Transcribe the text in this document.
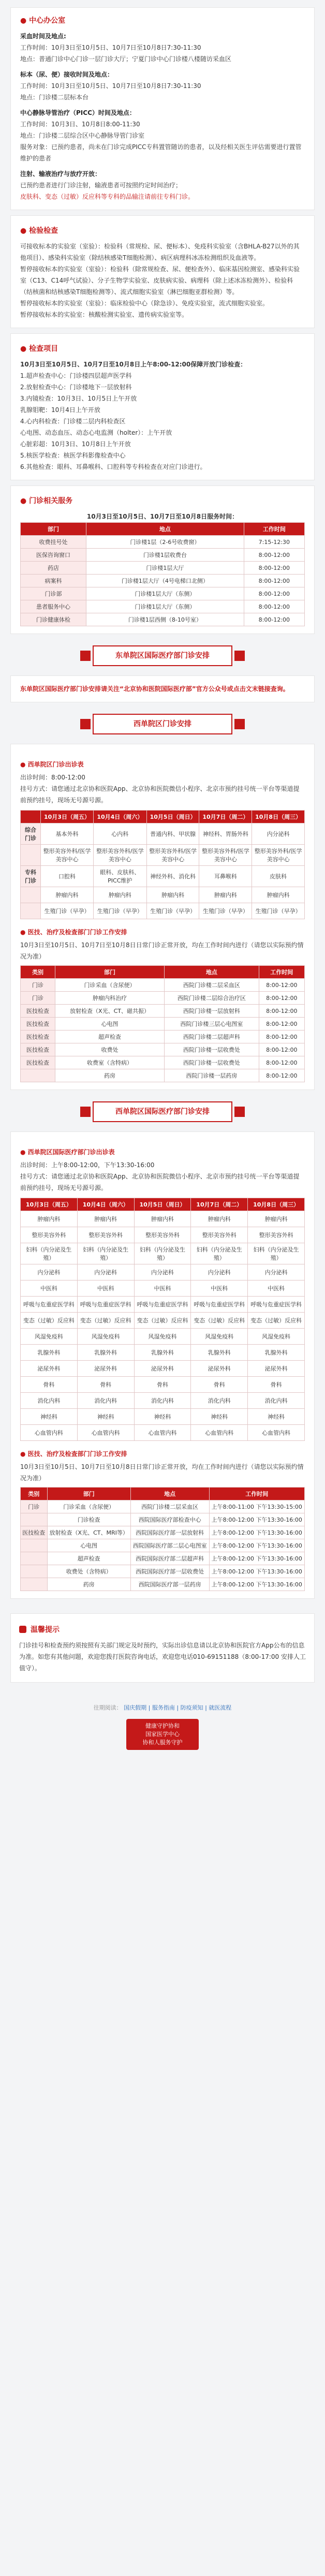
● 中心办公室
采血时间及地点:
工作时间：10月3日至10月5日、10月7日至10月8日7:30-11:30
地点：普通门诊中心门诊一层门诊大厅；宁夏门诊中心门诊楼八楼随访采血区
标本（尿、便）接收时间及地点：
工作时间：10月3日至10月5日、10月7日至10月8日7:30-11:30
地点：门诊楼二层标本台
中心静脉导管治疗（PICC）时间及地点：
工作时间：10月3日、10月8日8:00-11:30
地点：门诊楼二层综合区中心静脉导管门诊室
服务对象：已预约患者，尚未在门诊完成PICC专科置管随访的患者，以及经相关医生评估需要进行置管维护的患者
注射、输液治疗与放疗开放：
已预约患者进行门诊注射，输液患者可按照约定时间治疗；
皮肤科、变态（过敏）反应科等专科的品输注请前往专科门诊。
● 检验检查
可接收标本的实验室（室验）：检验科（常规检、尿、便标本）、免疫科实验室（含BHLA-B27以外的其他项目）、感染科实验室（除结核感染T细胞检测）、病区病理科冰冻检测组织及血液等。
暂停接收标本的实验室（室验）：检验科（除常规检查、尿、便检查外）、临床基因检测室、感染科实验室（C13、C14呼气试验）、分子生物学实验室、皮肤病实验、病理科（除上述冰冻检测外）、检验科（结核菌和结核感染T细胞检测等）、流式细胞实验室（淋巴细胞亚群检测）等。
暂停接收标本的实验室（室验）：临床检验中心（除急诊）、免疫实验室，流式细胞实验室。
暂停接收标本的实验室：核酸检测实验室、遗传病实验室等。
● 检查项目
10月3日至10月5日、10月7日至10月8日上午8:00-12:00保障开放门诊检查：
1.超声检查中心：门诊楼四层超声医学科
2.放射检查中心：门诊楼地下一层放射科
3.内镜检查：10月3日、10月5日上午开放
乳腺钼靶：10月4日上午开放
4.心内科检查：门诊楼二层内科检查区
心电图、动态血压、动态心电监测（holter）：上午开放
心脏彩超：10月3日、10月8日上午开放
5.核医学检查：核医学科影像检查中心
6.其他检查：眼科、耳鼻喉科、口腔科等专科检查在对应门诊进行。
● 门诊相关服务
10月3日至10月5日、10月7日至10月8日服务时间：
部门	地点	工作时间
收费挂号处	门诊楼1层（2-6号收费窗）	7:15-12:30
医保咨询窗口	门诊楼1层收费台	8:00-12:00
药店	门诊楼1层大厅	8:00-12:00
病案科	门诊楼1层大厅（4号电梯口北侧）	8:00-12:00
门诊部	门诊楼1层大厅（东侧）	8:00-12:00
患者服务中心	门诊楼1层大厅（东侧）	8:00-12:00
门诊健康体检	门诊楼1层西侧（8-10号室）	8:00-12:00
东单院区国际医疗部门诊安排
东单院区国际医疗部门诊安排请关注“北京协和医院国际医疗部”官方公众号或点击文末链接查询。
西单院区门诊安排
● 西单院区门诊出诊表
出诊时间：8:00-12:00
挂号方式：请您通过北京协和医院App、北京协和医院微信小程序、北京市预约挂号统一平台等渠道提前预约挂号，现场无号源号源。
	10月3日（周五）	10月4日（周六）	10月5日（周日）	10月7日（周二）	10月8日（周三）
综合门诊	基本外科	心内科	普通内科、甲状腺	神经科、胃肠外科	内分泌科
	整形美容外科/医学美容中心	整形美容外科/医学美容中心	整形美容外科/医学美容中心	整形美容外科/医学美容中心	整形美容外科/医学美容中心
专科门诊	口腔科	眼科、皮肤科、PICC维护	神经外科、消化科	耳鼻喉科	皮肤科
	肿瘤内科	肿瘤内科	肿瘤内科	肿瘤内科	肿瘤内科
	生殖门诊（早孕）	生殖门诊（早孕）	生殖门诊（早孕）	生殖门诊（早孕）	生殖门诊（早孕）
● 医技、治疗及检查部门门诊工作安排
10月3日至10月5日、10月7日至10月8日日常门诊正常开放，均在工作时间内进行（请您以实际预约情况为准）
类别	部门	地点	工作时间
门诊	门诊采血（含尿便）	西院门诊楼二层采血区	8:00-12:00
门诊	肿瘤内科治疗	西院门诊楼二层综合治疗区	8:00-12:00
医技检查	放射检查（X光、CT、磁共振）	西院门诊楼一层放射科	8:00-12:00
医技检查	心电图	西院门诊楼三层心电图室	8:00-12:00
医技检查	超声检查	西院门诊楼二层超声科	8:00-12:00
医技检查	收费处	西院门诊楼一层收费处	8:00-12:00
医技检查	收费室（含特病）	西院门诊楼一层收费处	8:00-12:00
	药房	西院门诊楼一层药房	8:00-12:00
西单院区国际医疗部门诊安排
● 西单院区国际医疗部门诊出诊表
出诊时间：上午8:00-12:00，下午13:30-16:00
挂号方式：请您通过北京协和医院App、北京协和医院微信小程序、北京市预约挂号统一平台等渠道提前预约挂号，现场无号源号源。
10月3日（周五）	10月4日（周六）	10月5日（周日）	10月7日（周二）	10月8日（周三）
肿瘤内科	肿瘤内科	肿瘤内科	肿瘤内科	肿瘤内科
整形美容外科	整形美容外科	整形美容外科	整形美容外科	整形美容外科
妇科（内分泌及生殖）	妇科（内分泌及生殖）	妇科（内分泌及生殖）	妇科（内分泌及生殖）	妇科（内分泌及生殖）
内分泌科	内分泌科	内分泌科	内分泌科	内分泌科
中医科	中医科	中医科	中医科	中医科
呼吸与危重症医学科	呼吸与危重症医学科	呼吸与危重症医学科	呼吸与危重症医学科	呼吸与危重症医学科
变态（过敏）反应科	变态（过敏）反应科	变态（过敏）反应科	变态（过敏）反应科	变态（过敏）反应科
风湿免疫科	风湿免疫科	风湿免疫科	风湿免疫科	风湿免疫科
乳腺外科	乳腺外科	乳腺外科	乳腺外科	乳腺外科
泌尿外科	泌尿外科	泌尿外科	泌尿外科	泌尿外科
骨科	骨科	骨科	骨科	骨科
消化内科	消化内科	消化内科	消化内科	消化内科
神经科	神经科	神经科	神经科	神经科
心血管内科	心血管内科	心血管内科	心血管内科	心血管内科
● 医技、治疗及检查部门门诊工作安排
10月3日至10月5日、10月7日至10月8日日常门诊正常开放，均在工作时间内进行（请您以实际预约情况为准）
类别	部门	地点	工作时间
门诊	门诊采血（含尿便）	西院门诊楼二层采血区	上午8:00-11:00 下午13:30-15:00
	门诊检查	西院国际医疗部检查中心	上午8:00-12:00 下午13:30-16:00
医技检查	放射检查（X光、CT、MRI等）	西院国际医疗部一层放射科	上午8:00-12:00 下午13:30-16:00
	心电图	西院国际医疗部二层心电图室	上午8:00-12:00 下午13:30-16:00
	超声检查	西院国际医疗部二层超声科	上午8:00-12:00 下午13:30-16:00
	收费处（含特病）	西院国际医疗部一层收费处	上午8:00-12:00 下午13:30-16:00
	药房	西院国际医疗部一层药房	上午8:00-12:00 下午13:30-16:00
温馨提示
门诊挂号和检查预约须按照有关部门规定及时预约，实际出诊信息请以北京协和医院官方App公布的信息为准。如您有其他问题，欢迎您拨打医院咨询电话，欢迎您电话010-69151188（8:00-17:00 安排人工值守）。
往期阅读： 国庆假期 | 服务指南 | 防疫须知 | 就医流程
健康守护协和
国家医学中心
协和人服务守护
